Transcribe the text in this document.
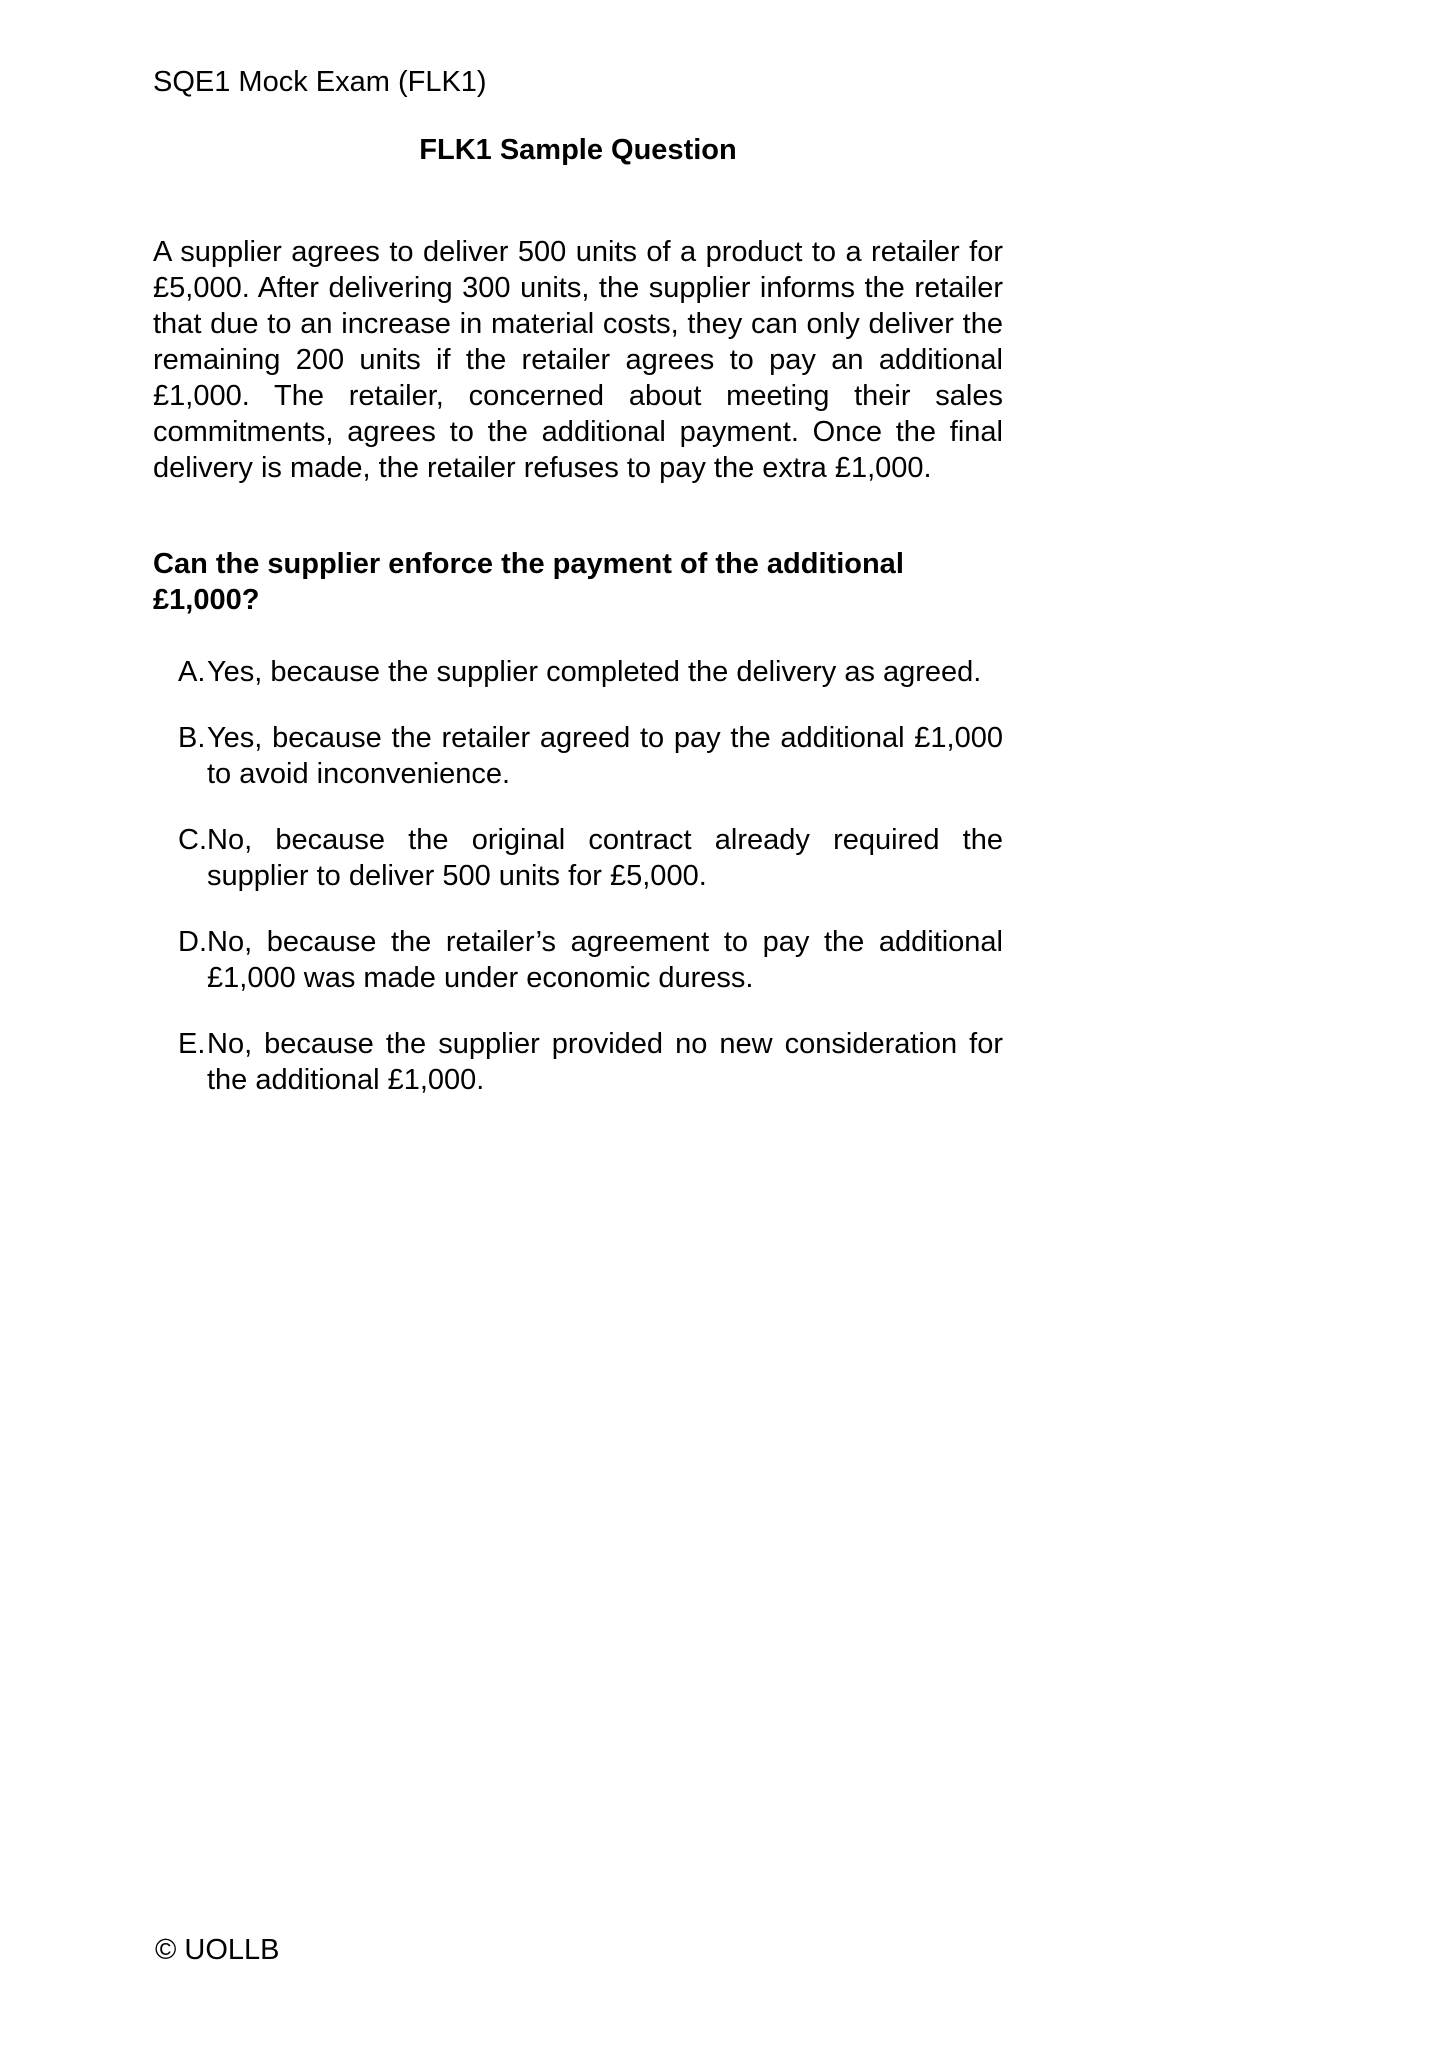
SQE1 Mock Exam (FLK1)
FLK1 Sample Question

A supplier agrees to deliver 500 units of a product to a retailer for £5,000. After delivering 300 units, the supplier informs the retailer that due to an increase in material costs, they can only deliver the remaining 200 units if the retailer agrees to pay an additional £1,000. The retailer, concerned about meeting their sales commitments, agrees to the additional payment. Once the final delivery is made, the retailer refuses to pay the extra £1,000.

Can the supplier enforce the payment of the additional £1,000?

A. Yes, because the supplier completed the delivery as agreed.
B. Yes, because the retailer agreed to pay the additional £1,000 to avoid inconvenience.
C. No, because the original contract already required the supplier to deliver 500 units for £5,000.
D. No, because the retailer’s agreement to pay the additional £1,000 was made under economic duress.
E. No, because the supplier provided no new consideration for the additional £1,000.
© UOLLB
